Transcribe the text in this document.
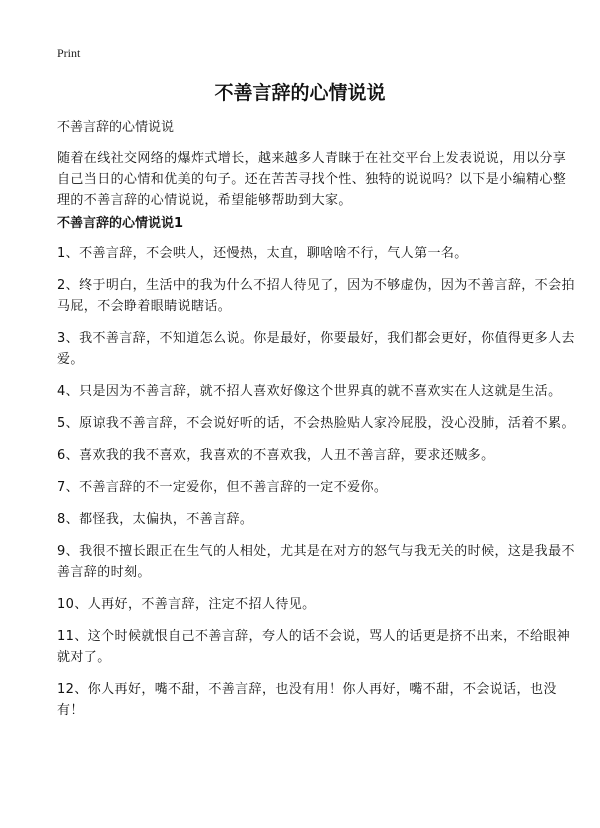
Print
不善言辞的心情说说
不善言辞的心情说说

随着在线社交网络的爆炸式增长，越来越多人青睐于在社交平台上发表说说，用以分享自己当日的心情和优美的句子。还在苦苦寻找个性、独特的说说吗？以下是小编精心整理的不善言辞的心情说说，希望能够帮助到大家。

不善言辞的心情说说1

1、不善言辞，不会哄人，还慢热，太直，聊啥啥不行，气人第一名。

2、终于明白，生活中的我为什么不招人待见了，因为不够虚伪，因为不善言辞，不会拍马屁，不会睁着眼睛说瞎话。

3、我不善言辞，不知道怎么说。你是最好，你要最好，我们都会更好，你值得更多人去爱。

4、只是因为不善言辞，就不招人喜欢好像这个世界真的就不喜欢实在人这就是生活。

5、原谅我不善言辞，不会说好听的话，不会热脸贴人家冷屁股，没心没肺，活着不累。

6、喜欢我的我不喜欢，我喜欢的不喜欢我，人丑不善言辞，要求还贼多。

7、不善言辞的不一定爱你，但不善言辞的一定不爱你。

8、都怪我，太偏执，不善言辞。

9、我很不擅长跟正在生气的人相处，尤其是在对方的怒气与我无关的时候，这是我最不善言辞的时刻。

10、人再好，不善言辞，注定不招人待见。

11、这个时候就恨自己不善言辞，夸人的话不会说，骂人的话更是挤不出来，不给眼神就对了。

12、你人再好，嘴不甜，不善言辞，也没有用！你人再好，嘴不甜，不会说话，也没有！
